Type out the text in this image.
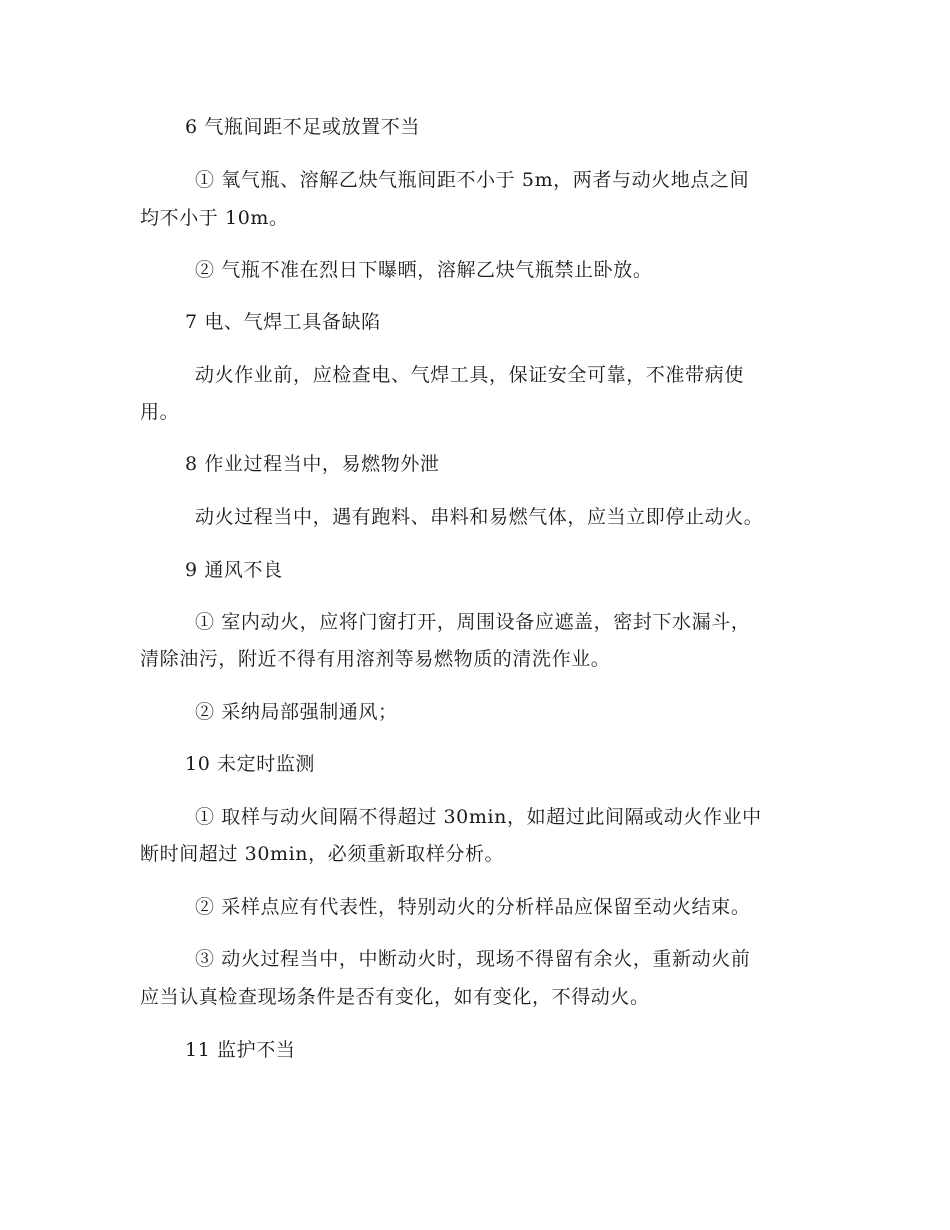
6 气瓶间距不足或放置不当
① 氧气瓶、溶解乙炔气瓶间距不小于 5m，两者与动火地点之间
均不小于 10m。
② 气瓶不准在烈日下曝晒，溶解乙炔气瓶禁止卧放。
7 电、气焊工具备缺陷
动火作业前，应检查电、气焊工具，保证安全可靠，不准带病使
用。
8 作业过程当中，易燃物外泄
动火过程当中，遇有跑料、串料和易燃气体，应当立即停止动火。
9 通风不良
① 室内动火，应将门窗打开，周围设备应遮盖，密封下水漏斗，
清除油污，附近不得有用溶剂等易燃物质的清洗作业。
② 采纳局部强制通风；
10 未定时监测
① 取样与动火间隔不得超过 30min，如超过此间隔或动火作业中
断时间超过 30min，必须重新取样分析。
② 采样点应有代表性，特别动火的分析样品应保留至动火结束。
③ 动火过程当中，中断动火时，现场不得留有余火，重新动火前
应当认真检查现场条件是否有变化，如有变化，不得动火。
11 监护不当
